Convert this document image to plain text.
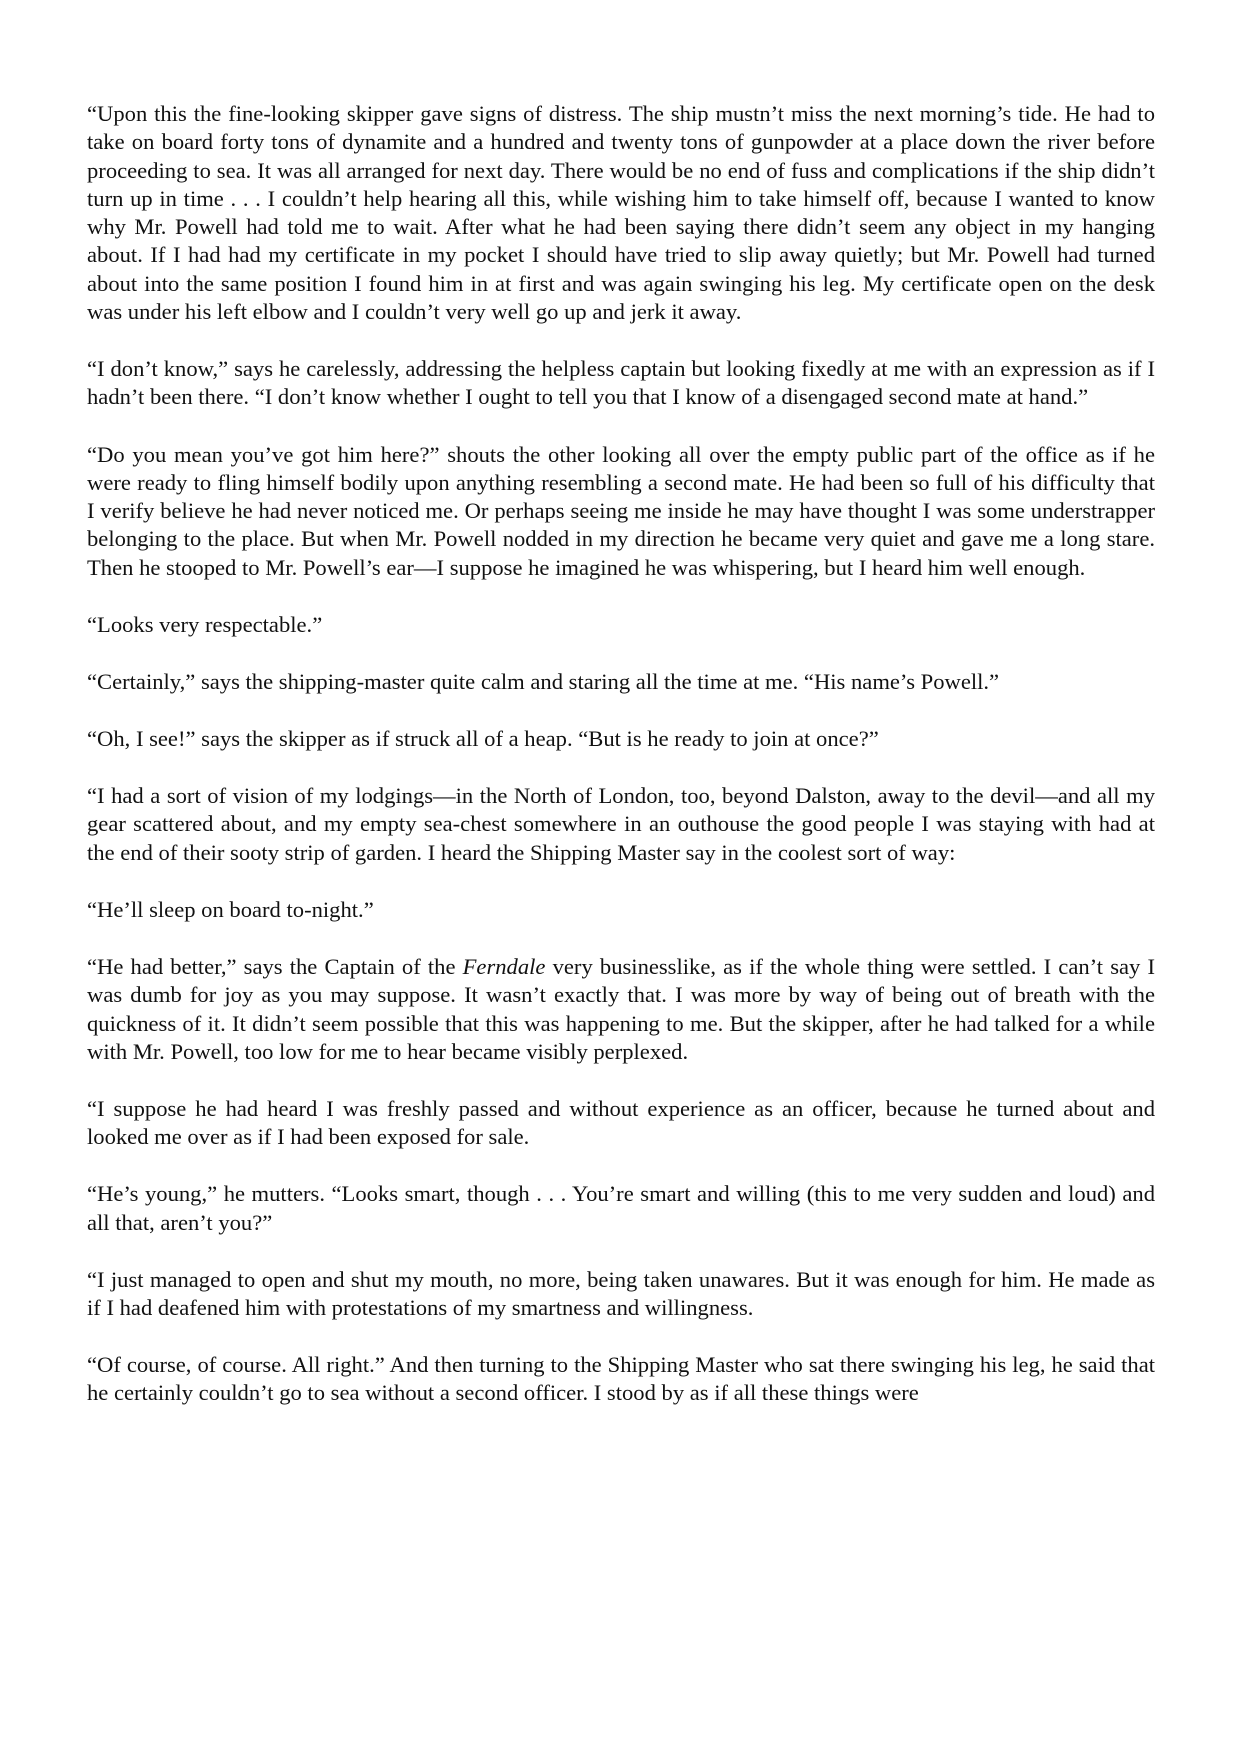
“Upon this the fine-looking skipper gave signs of distress. The ship mustn’t miss the next morning’s tide. He had to take on board forty tons of dynamite and a hundred and twenty tons of gunpowder at a place down the river before proceeding to sea. It was all arranged for next day. There would be no end of fuss and complications if the ship didn’t turn up in time . . . I couldn’t help hearing all this, while wishing him to take himself off, because I wanted to know why Mr. Powell had told me to wait. After what he had been saying there didn’t seem any object in my hanging about. If I had had my certificate in my pocket I should have tried to slip away quietly; but Mr. Powell had turned about into the same position I found him in at first and was again swinging his leg. My certificate open on the desk was under his left elbow and I couldn’t very well go up and jerk it away.

“I don’t know,” says he carelessly, addressing the helpless captain but looking fixedly at me with an expression as if I hadn’t been there. “I don’t know whether I ought to tell you that I know of a disengaged second mate at hand.”

“Do you mean you’ve got him here?” shouts the other looking all over the empty public part of the office as if he were ready to fling himself bodily upon anything resembling a second mate. He had been so full of his difficulty that I verify believe he had never noticed me. Or perhaps seeing me inside he may have thought I was some understrapper belonging to the place. But when Mr. Powell nodded in my direction he became very quiet and gave me a long stare. Then he stooped to Mr. Powell’s ear—I suppose he imagined he was whispering, but I heard him well enough.

“Looks very respectable.”

“Certainly,” says the shipping-master quite calm and staring all the time at me. “His name’s Powell.”

“Oh, I see!” says the skipper as if struck all of a heap. “But is he ready to join at once?”

“I had a sort of vision of my lodgings—in the North of London, too, beyond Dalston, away to the devil—and all my gear scattered about, and my empty sea-chest somewhere in an outhouse the good people I was staying with had at the end of their sooty strip of garden. I heard the Shipping Master say in the coolest sort of way:

“He’ll sleep on board to-night.”

“He had better,” says the Captain of the Ferndale very businesslike, as if the whole thing were settled. I can’t say I was dumb for joy as you may suppose. It wasn’t exactly that. I was more by way of being out of breath with the quickness of it. It didn’t seem possible that this was happening to me. But the skipper, after he had talked for a while with Mr. Powell, too low for me to hear became visibly perplexed.

“I suppose he had heard I was freshly passed and without experience as an officer, because he turned about and looked me over as if I had been exposed for sale.

“He’s young,” he mutters. “Looks smart, though . . . You’re smart and willing (this to me very sudden and loud) and all that, aren’t you?”

“I just managed to open and shut my mouth, no more, being taken unawares. But it was enough for him. He made as if I had deafened him with protestations of my smartness and willingness.

“Of course, of course. All right.” And then turning to the Shipping Master who sat there swinging his leg, he said that he certainly couldn’t go to sea without a second officer. I stood by as if all these things were
